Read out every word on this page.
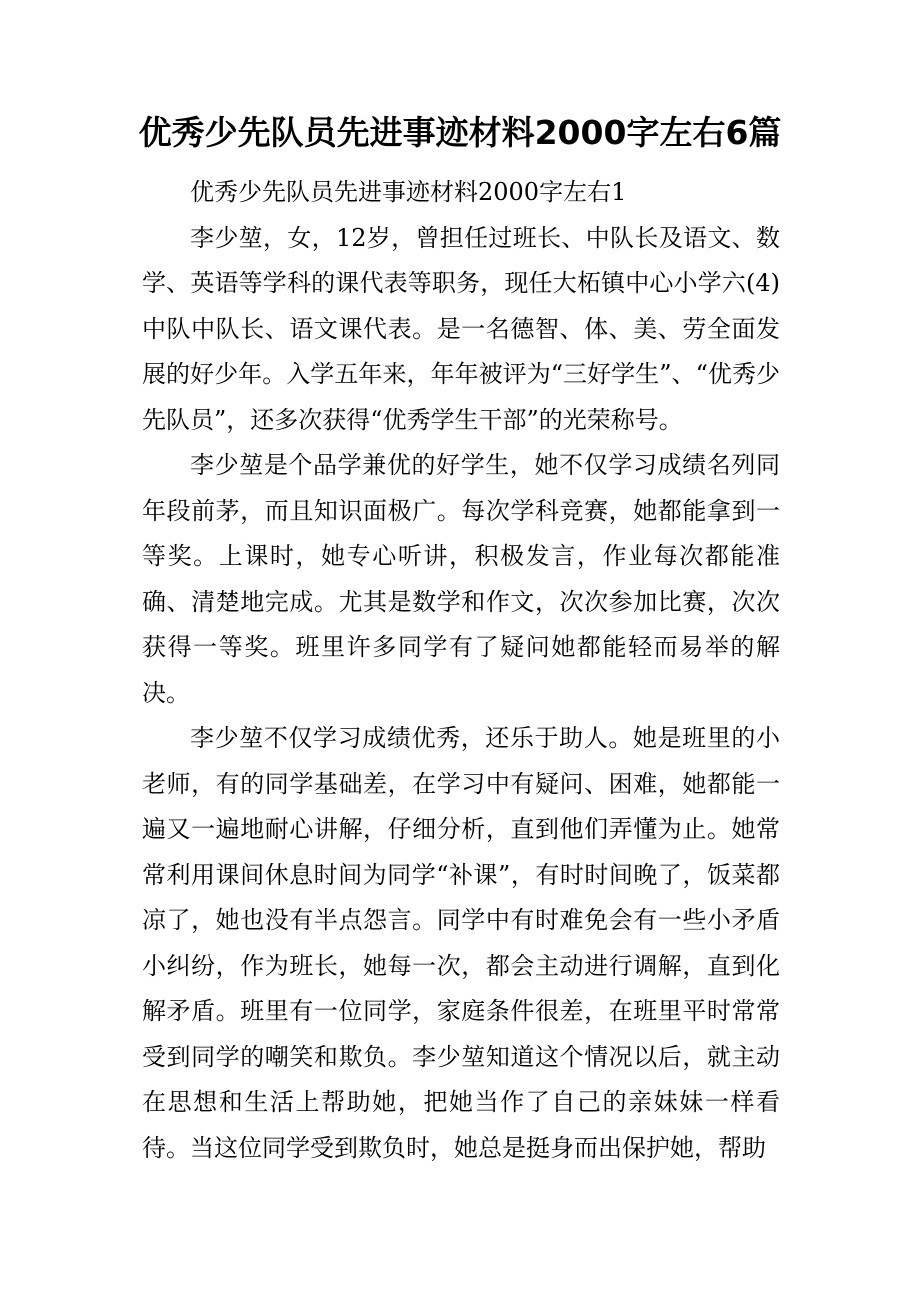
优秀少先队员先进事迹材料2000字左右6篇

优秀少先队员先进事迹材料2000字左右1

李少堃，女，12岁，曾担任过班长、中队长及语文、数学、英语等学科的课代表等职务，现任大柘镇中心小学六(4)中队中队长、语文课代表。是一名德智、体、美、劳全面发展的好少年。入学五年来，年年被评为“三好学生”、“优秀少先队员”，还多次获得“优秀学生干部”的光荣称号。

李少堃是个品学兼优的好学生，她不仅学习成绩名列同年段前茅，而且知识面极广。每次学科竞赛，她都能拿到一等奖。上课时，她专心听讲，积极发言，作业每次都能准确、清楚地完成。尤其是数学和作文，次次参加比赛，次次获得一等奖。班里许多同学有了疑问她都能轻而易举的解决。

李少堃不仅学习成绩优秀，还乐于助人。她是班里的小老师，有的同学基础差，在学习中有疑问、困难，她都能一遍又一遍地耐心讲解，仔细分析，直到他们弄懂为止。她常常利用课间休息时间为同学“补课”，有时时间晚了，饭菜都凉了，她也没有半点怨言。同学中有时难免会有一些小矛盾小纠纷，作为班长，她每一次，都会主动进行调解，直到化解矛盾。班里有一位同学，家庭条件很差，在班里平时常常受到同学的嘲笑和欺负。李少堃知道这个情况以后，就主动在思想和生活上帮助她，把她当作了自己的亲妹妹一样看待。当这位同学受到欺负时，她总是挺身而出保护她，帮助
